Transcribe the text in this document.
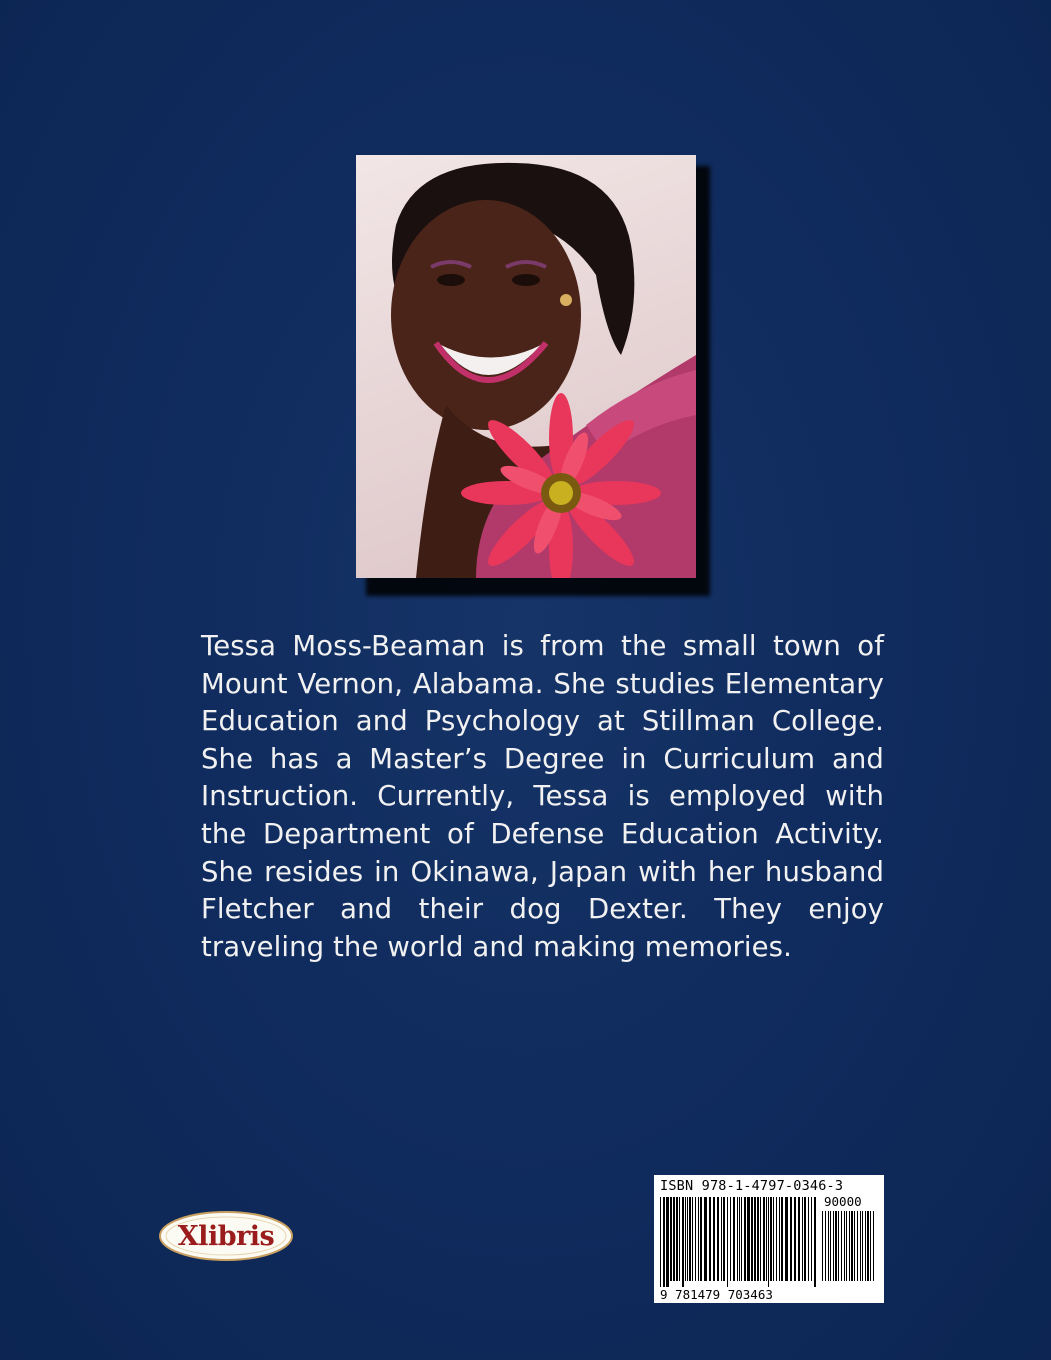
Tessa Moss-Beaman is from the small town of Mount Vernon, Alabama. She studies Elementary Education and Psychology at Stillman College. She has a Master’s Degree in Curriculum and Instruction. Currently, Tessa is employed with the Department of Defense Education Activity. She resides in Okinawa, Japan with her husband Fletcher and their dog Dexter. They enjoy traveling the world and making memories.

Xlibris
ISBN 978-1-4797-0346-3
90000
9 781479 703463
